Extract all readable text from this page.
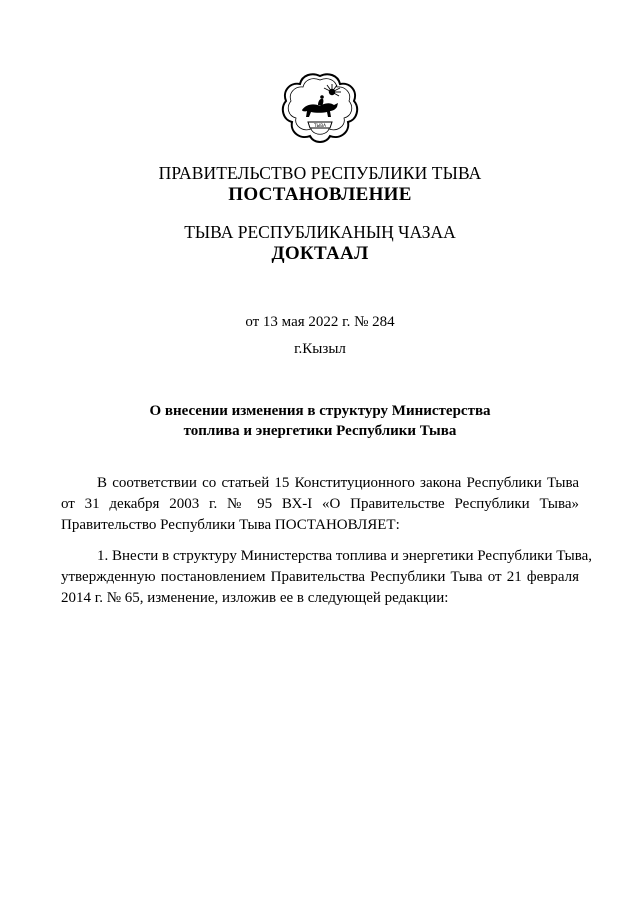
ТЫВА
ПРАВИТЕЛЬСТВО РЕСПУБЛИКИ ТЫВА
ПОСТАНОВЛЕНИЕ
ТЫВА РЕСПУБЛИКАНЫҢ ЧАЗАА
ДОКТААЛ
от 13 мая 2022 г. № 284
г.Кызыл
О внесении изменения в структуру Министерства
топлива и энергетики Республики Тыва
В соответствии со статьей 15 Конституционного закона Республики Тыва
от 31 декабря 2003 г. № 95 ВХ-I «О Правительстве Республики Тыва»
Правительство Республики Тыва ПОСТАНОВЛЯЕТ:
1. Внести в структуру Министерства топлива и энергетики Республики Тыва,
утвержденную постановлением Правительства Республики Тыва от 21 февраля
2014 г. № 65, изменение, изложив ее в следующей редакции:
